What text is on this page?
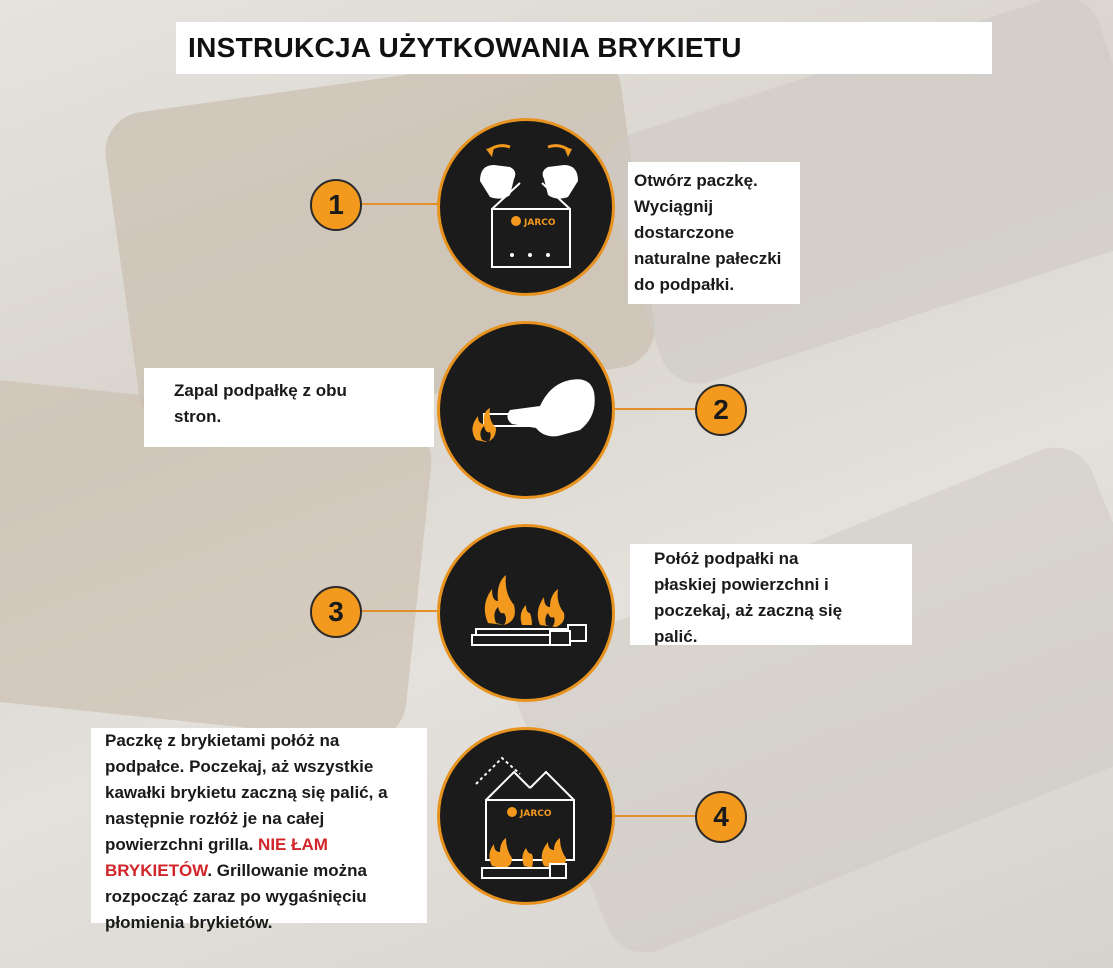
INSTRUKCJA UŻYTKOWANIA BRYKIETU
1
JARCO

Otwórz paczkę. Wyciągnij dostarczone naturalne pałeczki do podpałki.

2

Zapal podpałkę z obu stron.

3

Połóż podpałki na płaskiej powierzchni i poczekaj, aż zaczną się palić.

4
JARCO

Paczkę z brykietami połóż na podpałce. Poczekaj, aż wszystkie kawałki brykietu zaczną się palić, a następnie rozłóż je na całej powierzchni grilla. NIE ŁAM BRYKIETÓW. Grillowanie można rozpocząć zaraz po wygaśnięciu płomienia brykietów.
